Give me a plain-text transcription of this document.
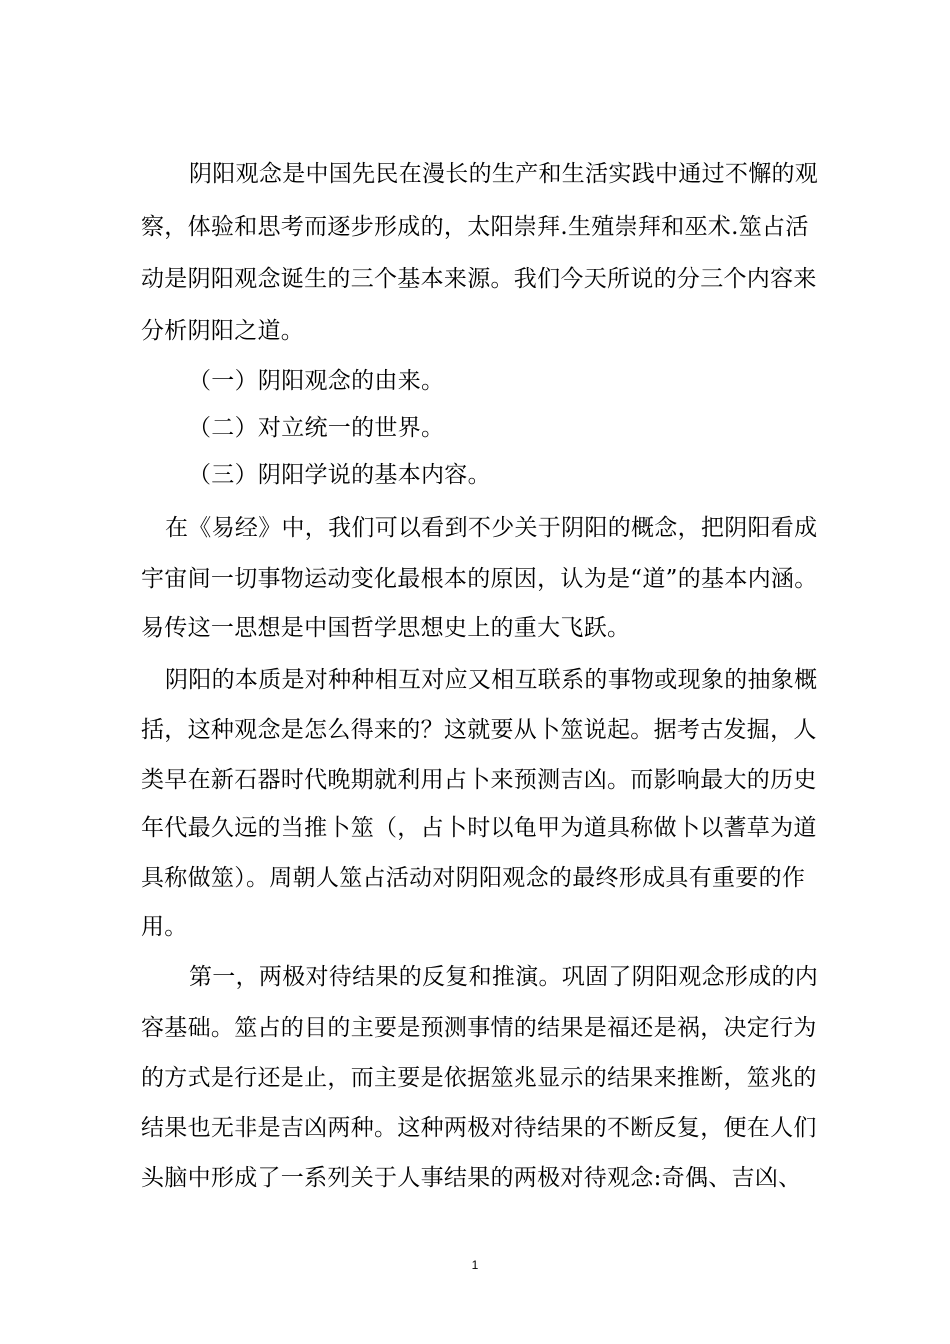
阴阳观念是中国先民在漫长的生产和生活实践中通过不懈的观
察，体验和思考而逐步形成的，太阳崇拜.生殖崇拜和巫术.筮占活
动是阴阳观念诞生的三个基本来源。我们今天所说的分三个内容来
分析阴阳之道。
（一）阴阳观念的由来。
（二）对立统一的世界。
（三）阴阳学说的基本内容。
在《易经》中，我们可以看到不少关于阴阳的概念，把阴阳看成
宇宙间一切事物运动变化最根本的原因，认为是“道”的基本内涵。
易传这一思想是中国哲学思想史上的重大飞跃。
阴阳的本质是对种种相互对应又相互联系的事物或现象的抽象概
括，这种观念是怎么得来的？这就要从卜筮说起。据考古发掘，人
类早在新石器时代晚期就利用占卜来预测吉凶。而影响最大的历史
年代最久远的当推卜筮（，占卜时以龟甲为道具称做卜以蓍草为道
具称做筮）。周朝人筮占活动对阴阳观念的最终形成具有重要的作
用。
第一，两极对待结果的反复和推演。巩固了阴阳观念形成的内
容基础。筮占的目的主要是预测事情的结果是福还是祸，决定行为
的方式是行还是止，而主要是依据筮兆显示的结果来推断，筮兆的
结果也无非是吉凶两种。这种两极对待结果的不断反复，便在人们
头脑中形成了一系列关于人事结果的两极对待观念:奇偶、吉凶、
1
